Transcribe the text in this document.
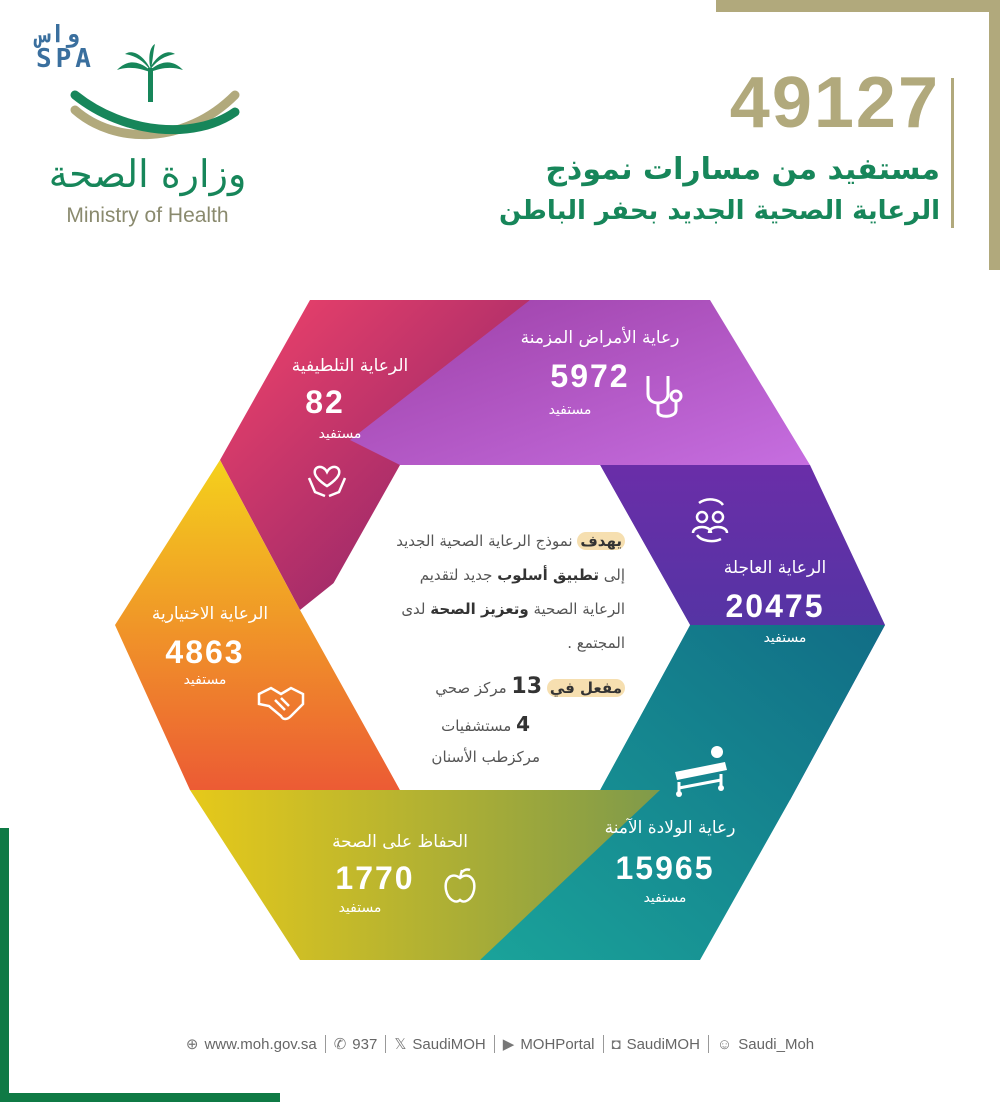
واس
SPA
وزارة الصحة
Ministry of Health
49127
مستفيد من مسارات نموذج
الرعاية الصحية الجديد بحفر الباطن
رعاية الأمراض المزمنة
5972
مستفيد
الرعاية التلطيفية
82
مستفيد
الرعاية العاجلة
20475
مستفيد
رعاية الولادة الآمنة
15965
مستفيد
الحفاظ على الصحة
1770
مستفيد
الرعاية الاختيارية
4863
مستفيد
يهدف نموذج الرعاية الصحية الجديد
إلى تطبيق أسلوب جديد لتقديم
الرعاية الصحية وتعزيز الصحة لدى
المجتمع .
مفعل في 13 مركز صحي
4 مستشفيات
مركزطب الأسنان
⊕ www.moh.gov.sa ✆ 937 𝕏 SaudiMOH ▶ MOHPortal ◘ SaudiMOH ☺ Saudi_Moh
